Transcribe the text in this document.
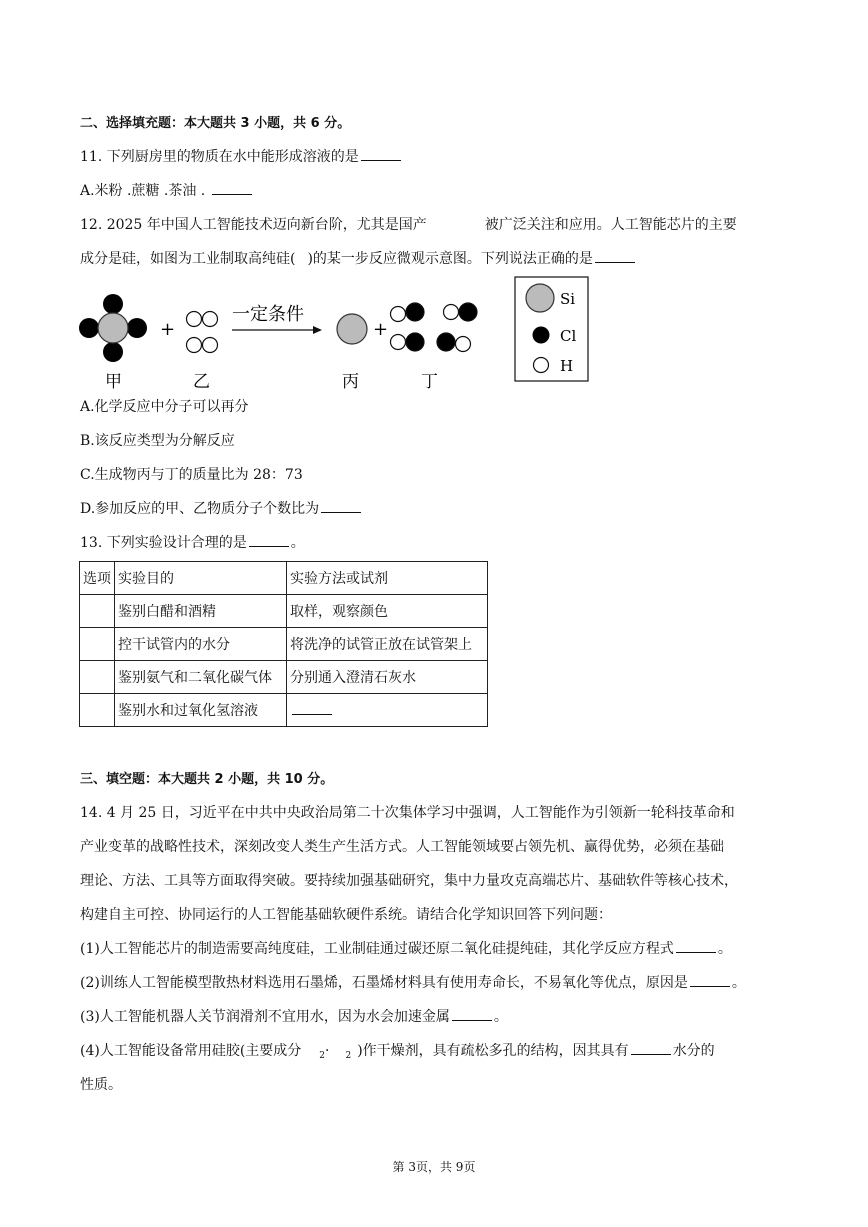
二、选择填充题：本大题共 3 小题，共 6 分。
11. 下列厨房里的物质在水中能形成溶液的是
A.米粉 .蔗糖 .茶油 .
12. 2025 年中国人工智能技术迈向新台阶，尤其是国产	被广泛关注和应用。人工智能芯片的主要
成分是硅，如图为工业制取高纯硅( )的某一步反应微观示意图。下列说法正确的是
+
一定条件
+
甲	乙	丙	丁
Si
Cl
H
A.化学反应中分子可以再分
B.该反应类型为分解反应
C.生成物丙与丁的质量比为 28：73
D.参加反应的甲、乙物质分子个数比为
13. 下列实验设计合理的是	。
选项	实验目的	实验方法或试剂
	鉴别白醋和酒精	取样，观察颜色
	控干试管内的水分	将洗净的试管正放在试管架上
	鉴别氨气和二氧化碳气体	分别通入澄清石灰水
	鉴别水和过氧化氢溶液	
三、填空题：本大题共 2 小题，共 10 分。
14. 4 月 25 日，习近平在中共中央政治局第二十次集体学习中强调，人工智能作为引领新一轮科技革命和
产业变革的战略性技术，深刻改变人类生产生活方式。人工智能领域要占领先机、赢得优势，必须在基础
理论、方法、工具等方面取得突破。要持续加强基础研究，集中力量攻克高端芯片、基础软件等核心技术，
构建自主可控、协同运行的人工智能基础软硬件系统。请结合化学知识回答下列问题：
(1)人工智能芯片的制造需要高纯度硅，工业制硅通过碳还原二氧化硅提纯硅，其化学反应方程式	。
(2)训练人工智能模型散热材料选用石墨烯，石墨烯材料具有使用寿命长，不易氧化等优点，原因是	。
(3)人工智能机器人关节润滑剂不宜用水，因为水会加速金属	。
(4)人工智能设备常用硅胶(主要成分 $_2$· $_2$ )作干燥剂，具有疏松多孔的结构，因其具有	水分的
性质。
第 3页，共 9页
